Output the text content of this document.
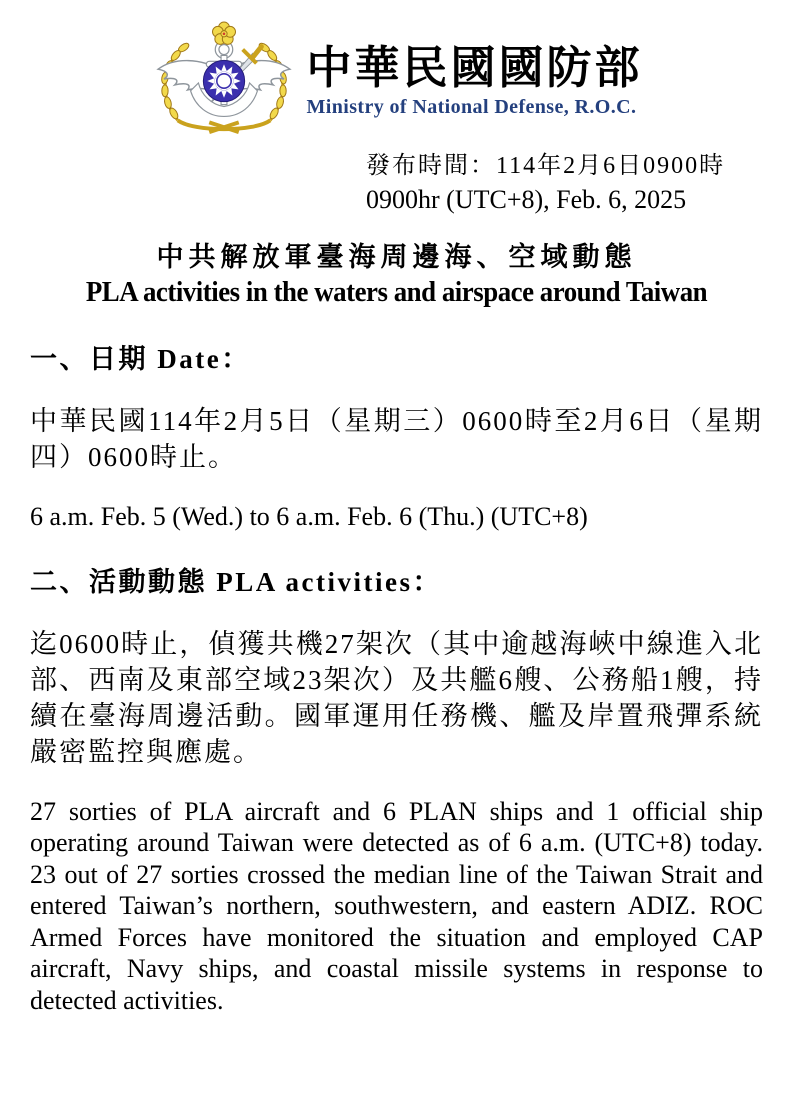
中華民國國防部
Ministry of National Defense, R.O.C.
發布時間：114年2月6日0900時
0900hr (UTC+8), Feb. 6, 2025
中共解放軍臺海周邊海、空域動態
PLA activities in the waters and airspace around Taiwan
一、日期 Date：

中華民國114年2月5日（星期三）0600時至2月6日（星期四）0600時止。

6 a.m. Feb. 5 (Wed.) to 6 a.m. Feb. 6 (Thu.) (UTC+8)

二、活動動態 PLA activities：

迄0600時止，偵獲共機27架次（其中逾越海峽中線進入北部、西南及東部空域23架次）及共艦6艘、公務船1艘，持續在臺海周邊活動。國軍運用任務機、艦及岸置飛彈系統嚴密監控與應處。

27 sorties of PLA aircraft and 6 PLAN ships and 1 official ship operating around Taiwan were detected as of 6 a.m. (UTC+8) today. 23 out of 27 sorties crossed the median line of the Taiwan Strait and entered Taiwan’s northern, southwestern, and eastern ADIZ. ROC Armed Forces have monitored the situation and employed CAP aircraft, Navy ships, and coastal missile systems in response to detected activities.
